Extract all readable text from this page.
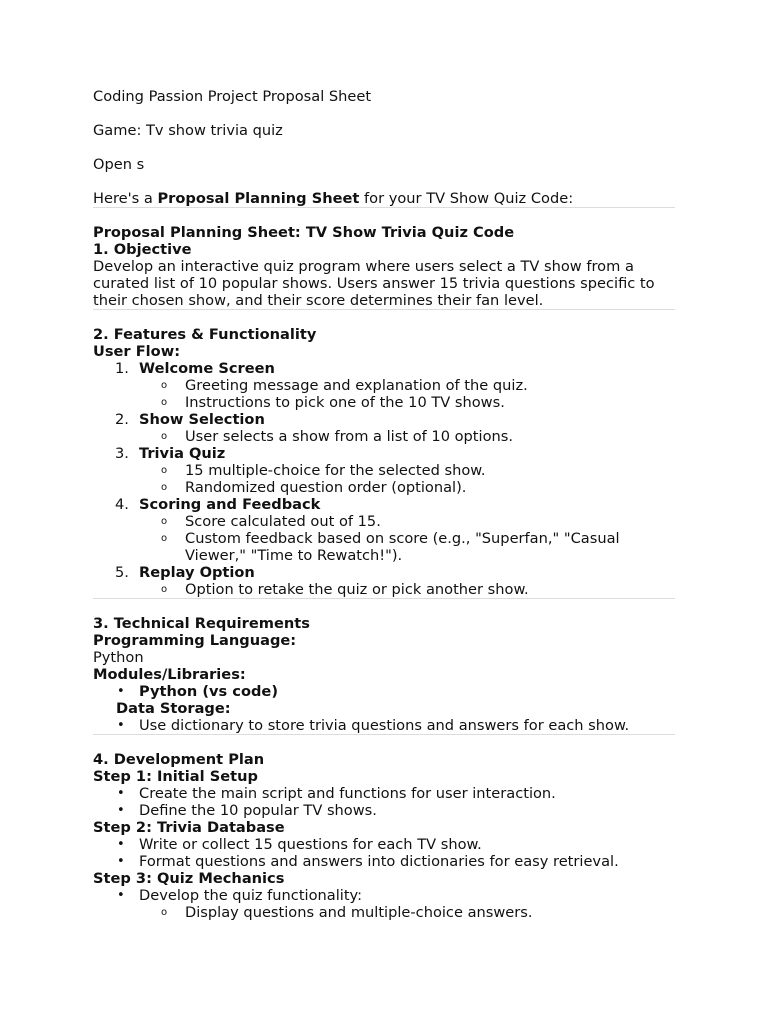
Coding Passion Project Proposal Sheet

Game: Tv show trivia quiz

Open s

Here's a Proposal Planning Sheet for your TV Show Quiz Code:

Proposal Planning Sheet: TV Show Trivia Quiz Code

1. Objective

Develop an interactive quiz program where users select a TV show from a curated list of 10 popular shows. Users answer 15 trivia questions specific to their chosen show, and their score determines their fan level.

2. Features & Functionality

User Flow:

1. Welcome Screen
o Greeting message and explanation of the quiz.
o Instructions to pick one of the 10 TV shows.
2. Show Selection
o User selects a show from a list of 10 options.
3. Trivia Quiz
o 15 multiple-choice for the selected show.
o Randomized question order (optional).
4. Scoring and Feedback
o Score calculated out of 15.
o Custom feedback based on score (e.g., "Superfan," "Casual Viewer," "Time to Rewatch!").
5. Replay Option
o Option to retake the quiz or pick another show.

3. Technical Requirements

Programming Language:

Python

Modules/Libraries:

• Python (vs code)

Data Storage:

• Use dictionary to store trivia questions and answers for each show.

4. Development Plan

Step 1: Initial Setup

• Create the main script and functions for user interaction.
• Define the 10 popular TV shows.

Step 2: Trivia Database

• Write or collect 15 questions for each TV show.
• Format questions and answers into dictionaries for easy retrieval.

Step 3: Quiz Mechanics

• Develop the quiz functionality:
o Display questions and multiple-choice answers.
